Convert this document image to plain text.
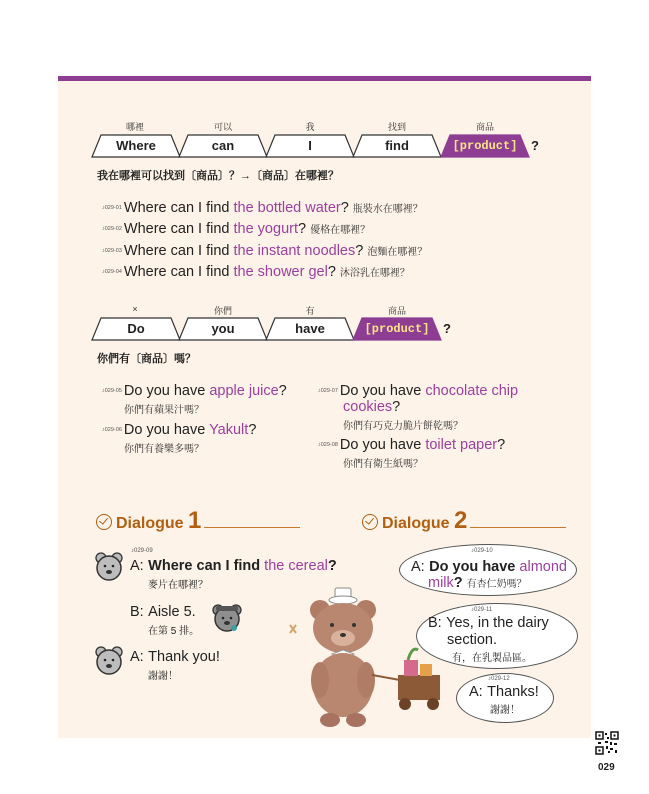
哪裡	可以	我	找到	商品
Where	can	I	find	[product]	?
我在哪裡可以找到〔商品〕？→〔商品〕在哪裡？
♪029-01 Where can I find the bottled water? 瓶裝水在哪裡？
♪029-02 Where can I find the yogurt? 優格在哪裡？
♪029-03 Where can I find the instant noodles? 泡麵在哪裡？
♪029-04 Where can I find the shower gel? 沐浴乳在哪裡？
×	你們	有	商品
Do	you	have	[product]	?
你們有〔商品〕嗎？
♪029-05 Do you have apple juice?
你們有蘋果汁嗎？
♪029-06 Do you have Yakult?
你們有養樂多嗎？
♪029-07 Do you have chocolate chip
cookies?
你們有巧克力脆片餅乾嗎？
♪029-08 Do you have toilet paper?
你們有衛生紙嗎？
Dialogue 1	Dialogue 2
♪029-09
A: Where can I find the cereal?
麥片在哪裡？
B: Aisle 5.
在第 5 排。
A: Thank you!
謝謝！
♪029-10
A: Do you have almond
milk? 有杏仁奶嗎？
♪029-11
B: Yes, in the dairy
section.
有，在乳製品區。
♪029-12
A: Thanks!
謝謝！
029
